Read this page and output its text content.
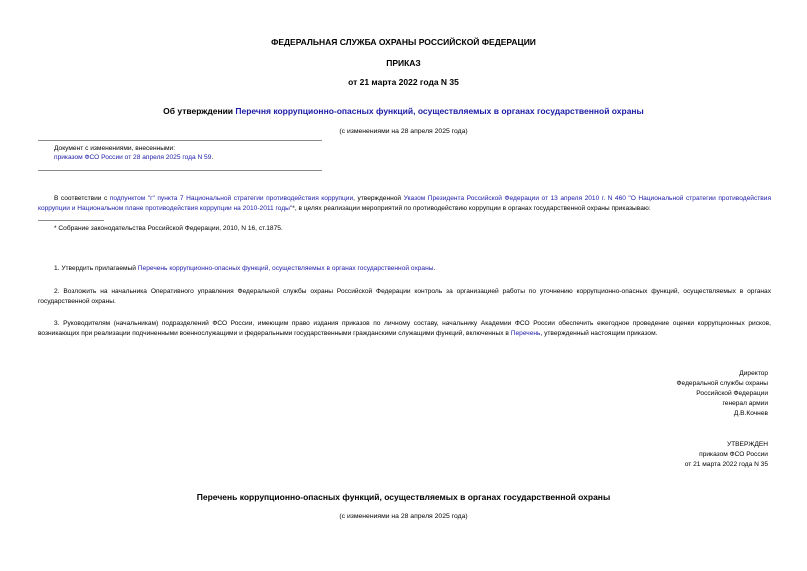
ФЕДЕРАЛЬНАЯ СЛУЖБА ОХРАНЫ РОССИЙСКОЙ ФЕДЕРАЦИИ
ПРИКАЗ
от 21 марта 2022 года N 35
Об утверждении Перечня коррупционно-опасных функций, осуществляемых в органах государственной охраны
(с изменениями на 28 апреля 2025 года)
Документ с изменениями, внесенными:
приказом ФСО России от 28 апреля 2025 года N 59.
В соответствии с подпунктом "г" пункта 7 Национальной стратегии противодействия коррупции, утвержденной Указом Президента Российской Федерации от 13 апреля 2010 г. N 460 "О Национальной стратегии противодействия коррупции и Национальном плане противодействия коррупции на 2010-2011 годы"*, в целях реализации мероприятий по противодействию коррупции в органах государственной охраны приказываю:
* Собрание законодательства Российской Федерации, 2010, N 16, ст.1875.
1. Утвердить прилагаемый Перечень коррупционно-опасных функций, осуществляемых в органах государственной охраны.
2. Возложить на начальника Оперативного управления Федеральной службы охраны Российской Федерации контроль за организацией работы по уточнению коррупционно-опасных функций, осуществляемых в органах государственной охраны.
3. Руководителям (начальникам) подразделений ФСО России, имеющим право издания приказов по личному составу, начальнику Академии ФСО России обеспечить ежегодное проведение оценки коррупционных рисков, возникающих при реализации подчиненными военнослужащими и федеральными государственными гражданскими служащими функций, включенных в Перечень, утвержденный настоящим приказом.
Директор
Федеральной службы охраны
Российской Федерации
генерал армии
Д.В.Кочнев
УТВЕРЖДЕН
приказом ФСО России
от 21 марта 2022 года N 35
Перечень коррупционно-опасных функций, осуществляемых в органах государственной охраны
(с изменениями на 28 апреля 2025 года)
